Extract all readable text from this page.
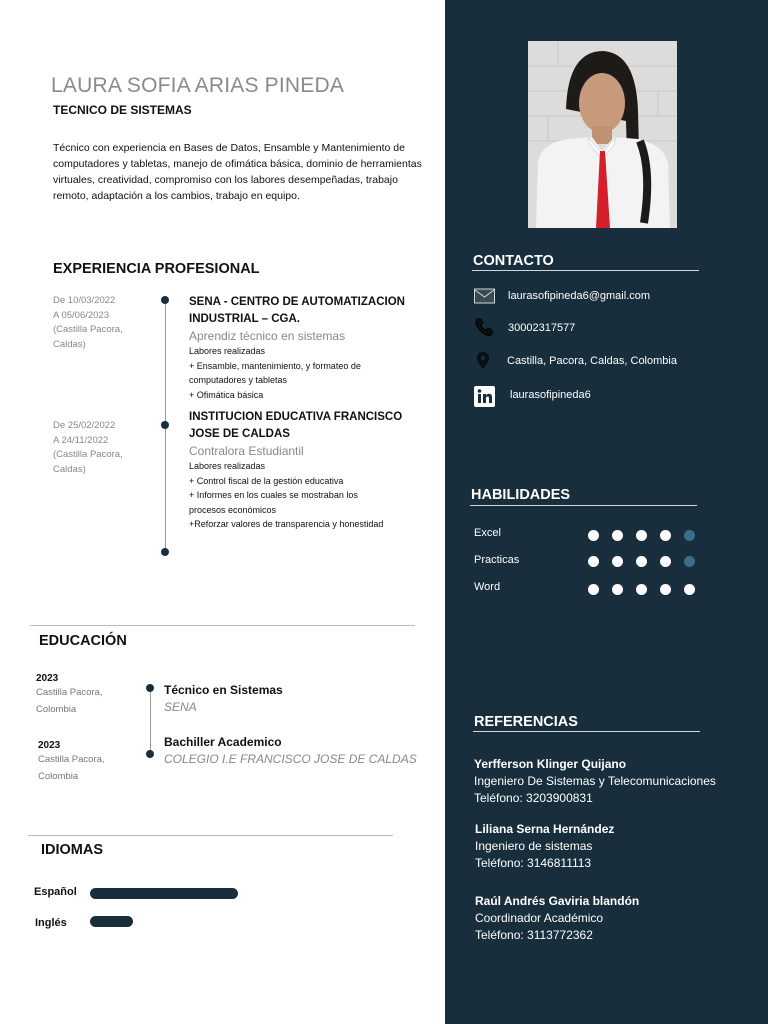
LAURA SOFIA ARIAS PINEDA
TECNICO DE SISTEMAS
Técnico con experiencia en Bases de Datos, Ensamble y Mantenimiento de computadores y tabletas, manejo de ofimática básica, dominio de herramientas virtuales, creatividad, compromiso con los labores desempeñadas, trabajo remoto, adaptación a los cambios, trabajo en equipo.
EXPERIENCIA PROFESIONAL
De 10/03/2022
A 05/06/2023
(Castilla Pacora,
Caldas)
SENA - CENTRO DE AUTOMATIZACION
INDUSTRIAL – CGA.
Aprendiz técnico en sistemas
Labores realizadas
+ Ensamble, mantenimiento, y formateo de
computadores y tabletas
+ Ofimática básica
De 25/02/2022
A 24/11/2022
(Castilla Pacora,
Caldas)
INSTITUCION EDUCATIVA FRANCISCO
JOSE DE CALDAS
Contralora Estudiantil
Labores realizadas
+ Control fiscal de la gestión educativa
+ Informes en los cuales se mostraban los
procesos económicos
+Reforzar valores de transparencia y honestidad
EDUCACIÓN
2023
Castilla Pacora,
Colombia
Técnico en Sistemas
SENA
2023
Castilla Pacora,
Colombia
Bachiller Academico
COLEGIO I.E FRANCISCO JOSE DE CALDAS
IDIOMAS
Español
Inglés
CONTACTO
laurasofipineda6@gmail.com
30002317577
Castilla, Pacora, Caldas, Colombia
laurasofipineda6
HABILIDADES
Excel
Practicas
Word
REFERENCIAS
Yerfferson Klinger Quijano
Ingeniero De Sistemas y Telecomunicaciones
Teléfono: 3203900831
Liliana Serna Hernández
Ingeniero de sistemas
Teléfono: 3146811113
Raúl Andrés Gaviria blandón
Coordinador Académico
Teléfono: 3113772362
